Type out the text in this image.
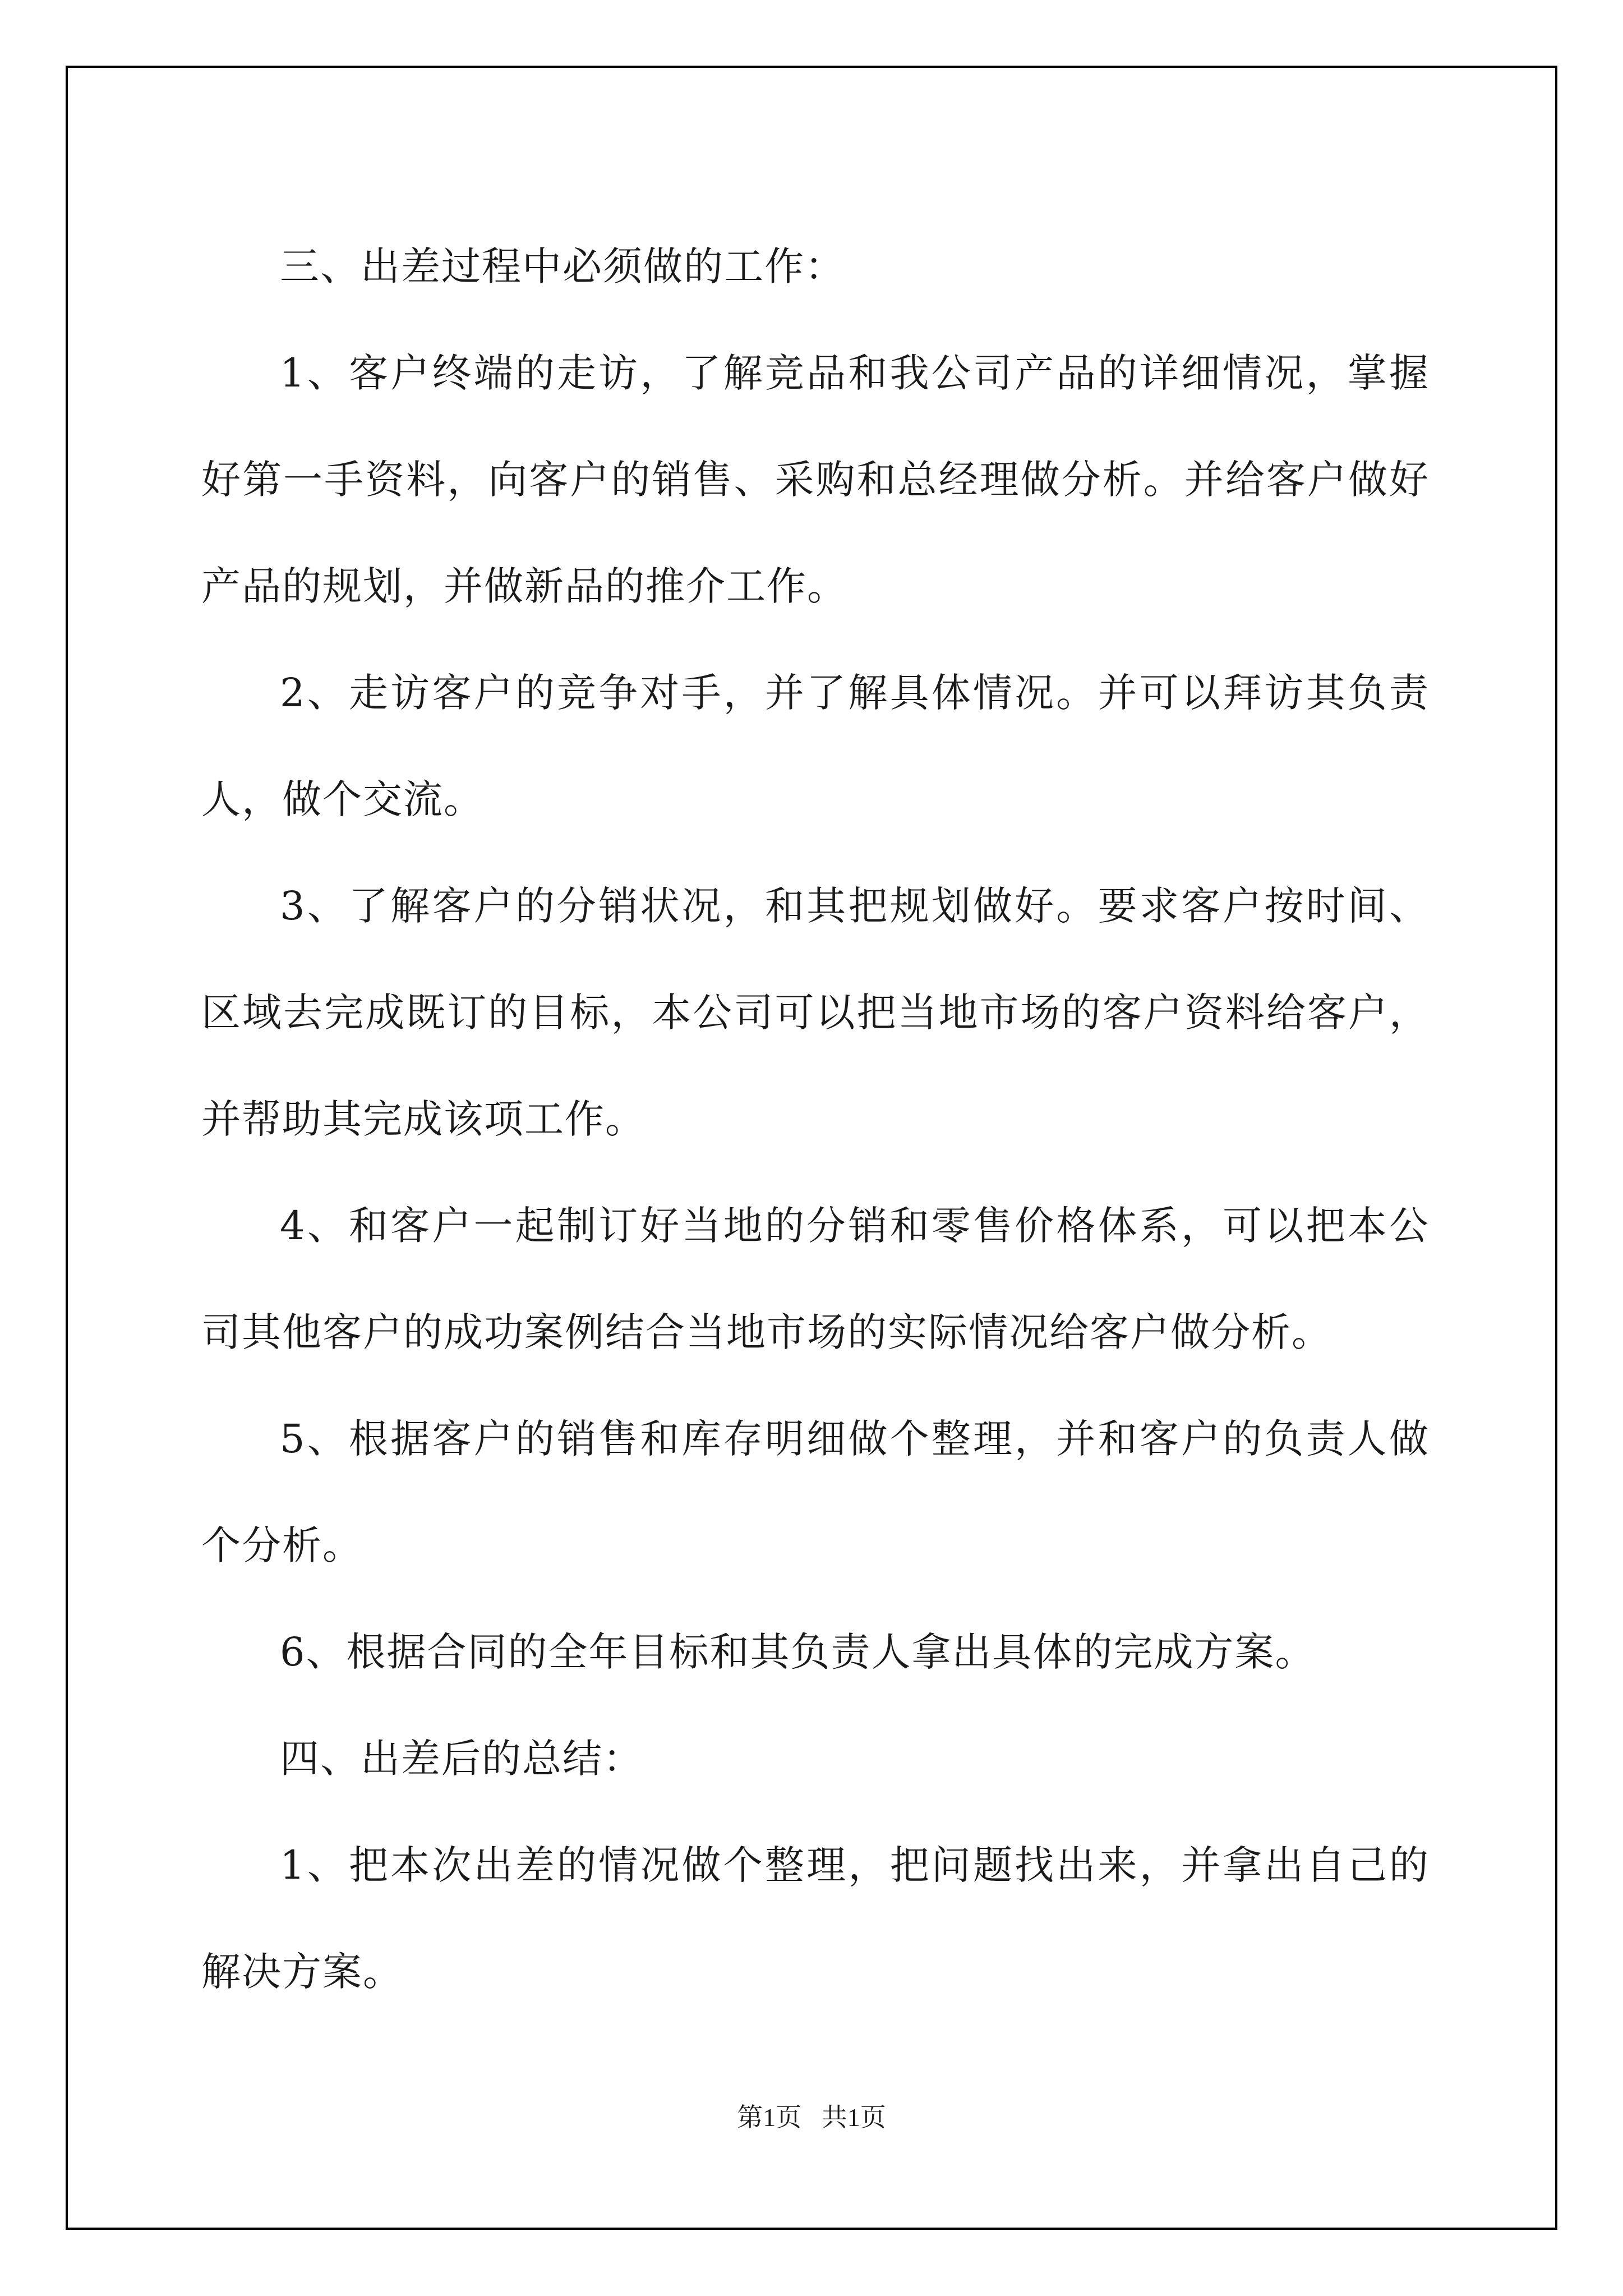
三、出差过程中必须做的工作：

1、客户终端的走访，了解竞品和我公司产品的详细情况，掌握好第一手资料，向客户的销售、采购和总经理做分析。并给客户做好产品的规划，并做新品的推介工作。

2、走访客户的竞争对手，并了解具体情况。并可以拜访其负责人，做个交流。

3、了解客户的分销状况，和其把规划做好。要求客户按时间、区域去完成既订的目标，本公司可以把当地市场的客户资料给客户，并帮助其完成该项工作。

4、和客户一起制订好当地的分销和零售价格体系，可以把本公司其他客户的成功案例结合当地市场的实际情况给客户做分析。

5、根据客户的销售和库存明细做个整理，并和客户的负责人做个分析。

6、根据合同的全年目标和其负责人拿出具体的完成方案。

四、出差后的总结：

1、把本次出差的情况做个整理，把问题找出来，并拿出自己的解决方案。

第1页 共1页
